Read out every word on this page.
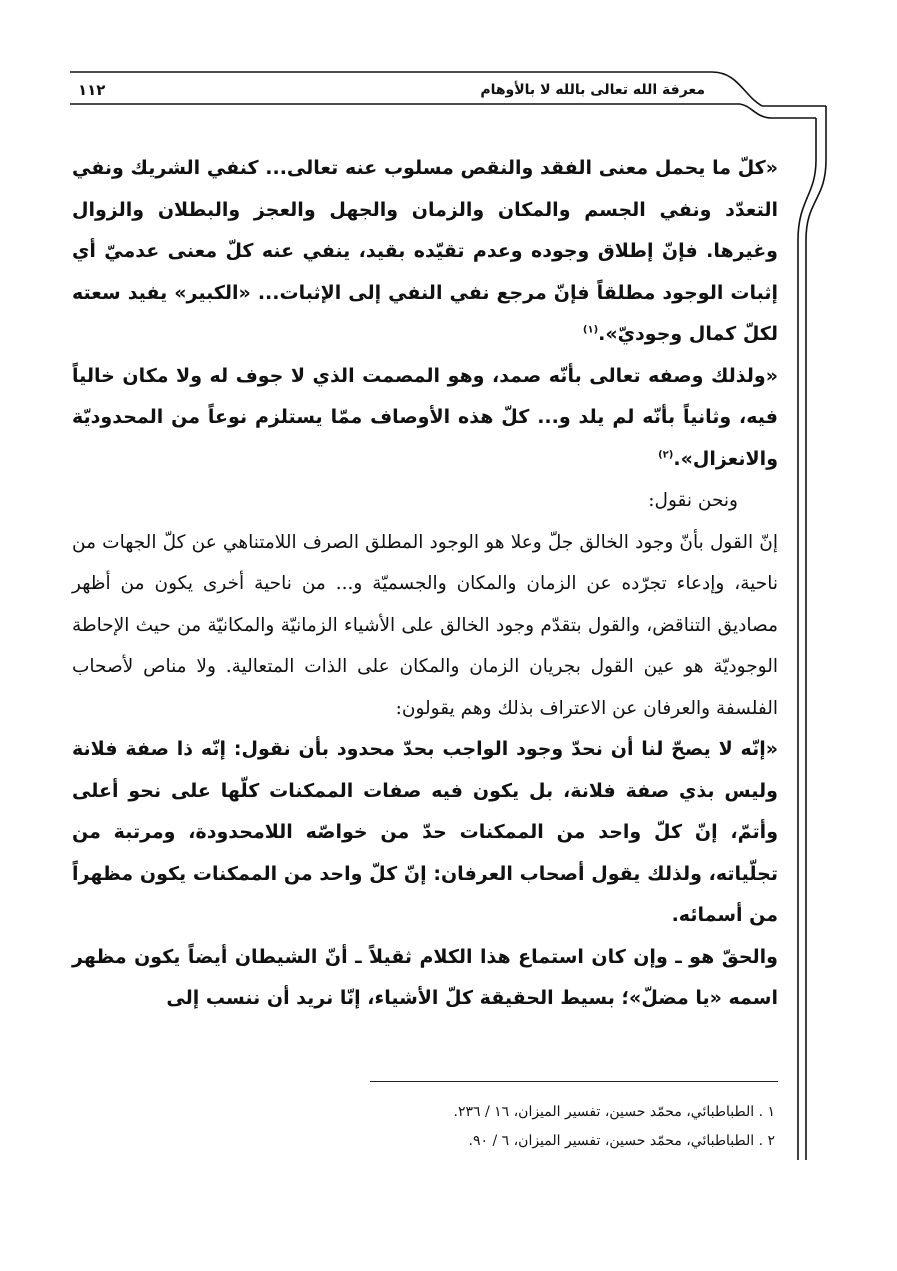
معرفة الله تعالى بالله لا بالأوهام
١١٢

«كلّ ما يحمل معنى الفقد والنقص مسلوب عنه تعالى... كنفي الشريك ونفي التعدّد ونفي الجسم والمكان والزمان والجهل والعجز والبطلان والزوال وغيرها. فإنّ إطلاق وجوده وعدم تقيّده بقيد، ينفي عنه كلّ معنى عدميّ أي إثبات الوجود مطلقاً فإنّ مرجع نفي النفي إلى الإثبات... «الكبير» يفيد سعته لكلّ كمال وجوديّ».$^{(١)}$

«ولذلك وصفه تعالى بأنّه صمد، وهو المصمت الذي لا جوف له ولا مكان خالياً فيه، وثانياً بأنّه لم يلد و... كلّ هذه الأوصاف ممّا يستلزم نوعاً من المحدوديّة والانعزال».$^{(٢)}$

ونحن نقول:

إنّ القول بأنّ وجود الخالق جلّ وعلا هو الوجود المطلق الصرف اللامتناهي عن كلّ الجهات من ناحية، وإدعاء تجرّده عن الزمان والمكان والجسميّة و... من ناحية أخرى يكون من أظهر مصاديق التناقض، والقول بتقدّم وجود الخالق على الأشياء الزمانيّة والمكانيّة من حيث الإحاطة الوجوديّة هو عين القول بجريان الزمان والمكان على الذات المتعالية. ولا مناص لأصحاب الفلسفة والعرفان عن الاعتراف بذلك وهم يقولون:

«إنّه لا يصحّ لنا أن نحدّ وجود الواجب بحدّ محدود بأن نقول: إنّه ذا صفة فلانة وليس بذي صفة فلانة، بل يكون فيه صفات الممكنات كلّها على نحو أعلى وأتمّ، إنّ كلّ واحد من الممكنات حدّ من خواصّه اللامحدودة، ومرتبة من تجلّياته، ولذلك يقول أصحاب العرفان: إنّ كلّ واحد من الممكنات يكون مظهراً من أسمائه.

والحقّ هو ـ وإن كان استماع هذا الكلام ثقيلاً ـ أنّ الشيطان أيضاً يكون مظهر اسمه «يا مضلّ»؛ بسيط الحقيقة كلّ الأشياء، إنّا نريد أن ننسب إلى

١ . الطباطبائي، محمّد حسين، تفسير الميزان، ١٦ / ٢٣٦.
٢ . الطباطبائي، محمّد حسين، تفسير الميزان، ٦ / ٩٠.
